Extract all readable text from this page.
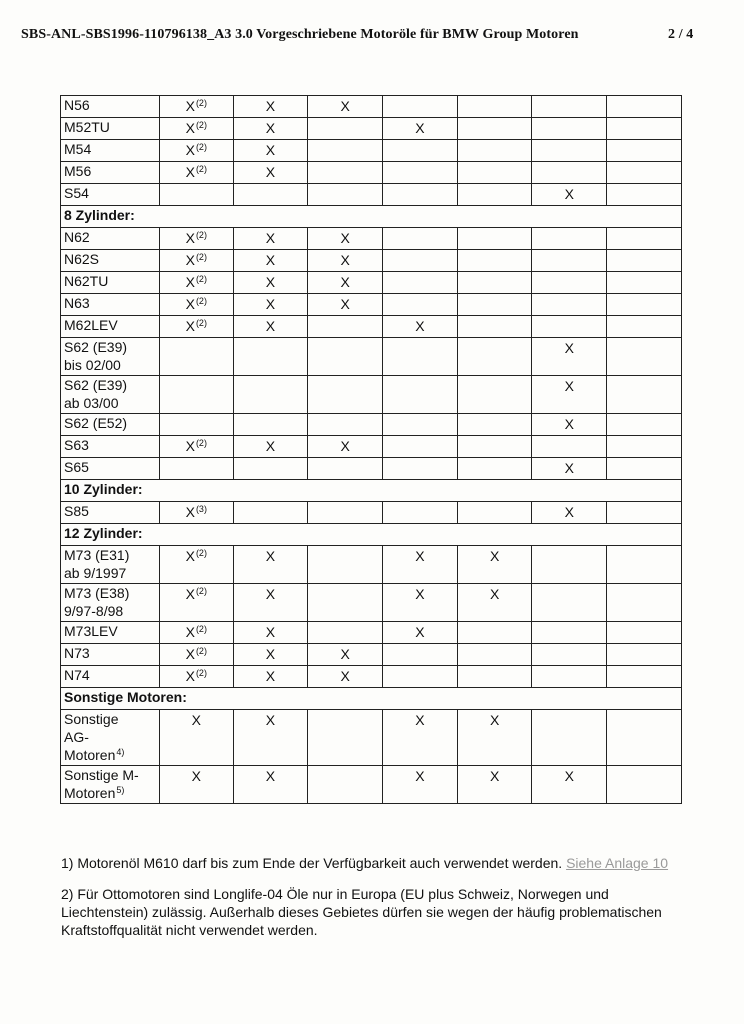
SBS-ANL-SBS1996-110796138_A3 3.0 Vorgeschriebene Motoröle für BMW Group Motoren	2 / 4
N56	$X^{(2)}$	X	X				
M52TU	$X^{(2)}$	X		X			
M54	$X^{(2)}$	X					
M56	$X^{(2)}$	X					
S54						X	
8 Zylinder:							
N62	$X^{(2)}$	X	X				
N62S	$X^{(2)}$	X	X				
N62TU	$X^{(2)}$	X	X				
N63	$X^{(2)}$	X	X				
M62LEV	$X^{(2)}$	X		X			
S62 (E39)
bis 02/00						X	
S62 (E39)
ab 03/00						X	
S62 (E52)						X	
S63	$X^{(2)}$	X	X				
S65						X	
10 Zylinder:							
S85	$X^{(3)}$					X	
12 Zylinder:							
M73 (E31)
ab 9/1997	$X^{(2)}$	X		X	X		
M73 (E38)
9/97-8/98	$X^{(2)}$	X		X	X		
M73LEV	$X^{(2)}$	X		X			
N73	$X^{(2)}$	X	X				
N74	$X^{(2)}$	X	X				
Sonstige Motoren:							
Sonstige
AG-
Motoren$^{4)}$	X	X		X	X		
Sonstige M-
Motoren$^{5)}$	X	X		X	X	X	

1) Motorenöl M610 darf bis zum Ende der Verfügbarkeit auch verwendet werden. Siehe Anlage 10

2) Für Ottomotoren sind Longlife-04 Öle nur in Europa (EU plus Schweiz, Norwegen und Liechtenstein) zulässig. Außerhalb dieses Gebietes dürfen sie wegen der häufig problematischen Kraftstoffqualität nicht verwendet werden.
